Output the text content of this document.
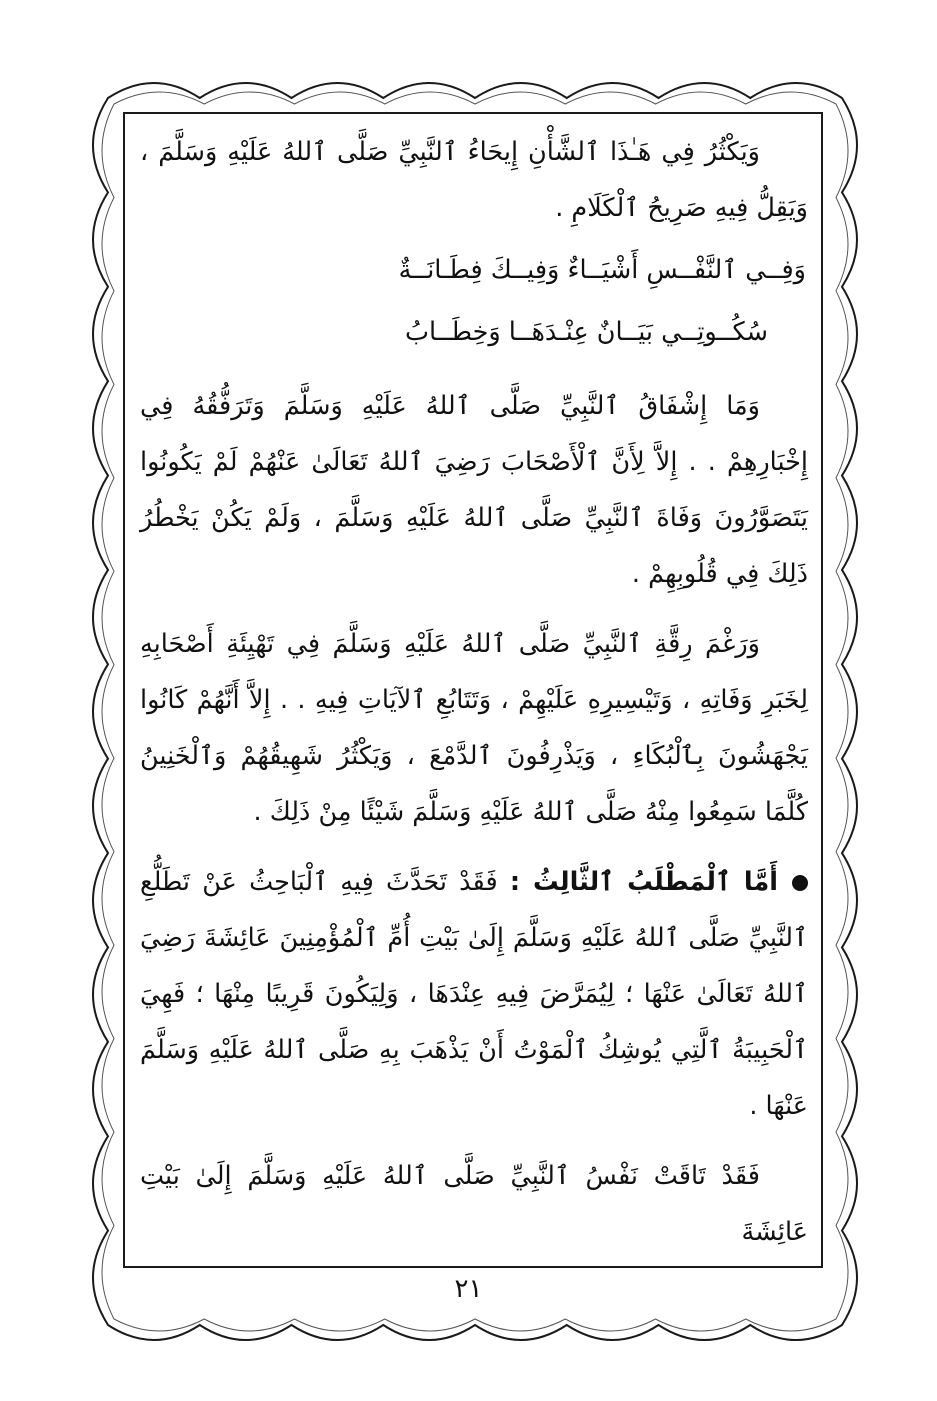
وَيَكْثُرُ فِي هَـٰذَا ٱلشَّأْنِ إِيحَاءُ ٱلنَّبِيِّ صَلَّى ٱللهُ عَلَيْهِ وَسَلَّمَ ، وَيَقِلُّ فِيهِ صَرِيحُ ٱلْكَلَامِ .

وَفِــي ٱلنَّفْــسِ أَشْيَــاءٌ وَفِيــكَ فِطَـانَــةٌ

سُكُــوتِــي بَيَــانٌ عِنْـدَهَــا وَخِطَــابُ

وَمَا إِشْفَاقُ ٱلنَّبِيِّ صَلَّى ٱللهُ عَلَيْهِ وَسَلَّمَ وَتَرَفُّقُهُ فِي إِخْبَارِهِمْ . . إِلاَّ لِأَنَّ ٱلْأَصْحَابَ رَضِيَ ٱللهُ تَعَالَىٰ عَنْهُمْ لَمْ يَكُونُوا يَتَصَوَّرُونَ وَفَاةَ ٱلنَّبِيِّ صَلَّى ٱللهُ عَلَيْهِ وَسَلَّمَ ، وَلَمْ يَكُنْ يَخْطُرُ ذَلِكَ فِي قُلُوبِهِمْ .

وَرَغْمَ رِقَّةِ ٱلنَّبِيِّ صَلَّى ٱللهُ عَلَيْهِ وَسَلَّمَ فِي تَهْيِئَةِ أَصْحَابِهِ لِخَبَرِ وَفَاتِهِ ، وَتَيْسِيرِهِ عَلَيْهِمْ ، وَتَتَابُعِ ٱلآيَاتِ فِيهِ . . إِلاَّ أَنَّهُمْ كَانُوا يَجْهَشُونَ بِٱلْبُكَاءِ ، وَيَذْرِفُونَ ٱلدَّمْعَ ، وَيَكْثُرُ شَهِيقُهُمْ وَٱلْخَنِينُ كُلَّمَا سَمِعُوا مِنْهُ صَلَّى ٱللهُ عَلَيْهِ وَسَلَّمَ شَيْئًا مِنْ ذَلِكَ .

أَمَّا ٱلْمَطْلَبُ ٱلثَّالِثُ : فَقَدْ تَحَدَّثَ فِيهِ ٱلْبَاحِثُ عَنْ تَطَلُّعِ ٱلنَّبِيِّ صَلَّى ٱللهُ عَلَيْهِ وَسَلَّمَ إِلَىٰ بَيْتِ أُمِّ ٱلْمُؤْمِنِينَ عَائِشَةَ رَضِيَ ٱللهُ تَعَالَىٰ عَنْهَا ؛ لِيُمَرَّضَ فِيهِ عِنْدَهَا ، وَلِيَكُونَ قَرِيبًا مِنْهَا ؛ فَهِيَ ٱلْحَبِيبَةُ ٱلَّتِي يُوشِكُ ٱلْمَوْتُ أَنْ يَذْهَبَ بِهِ صَلَّى ٱللهُ عَلَيْهِ وَسَلَّمَ عَنْهَا .

فَقَدْ تَاقَتْ نَفْسُ ٱلنَّبِيِّ صَلَّى ٱللهُ عَلَيْهِ وَسَلَّمَ إِلَىٰ بَيْتِ عَائِشَةَ

٢١
